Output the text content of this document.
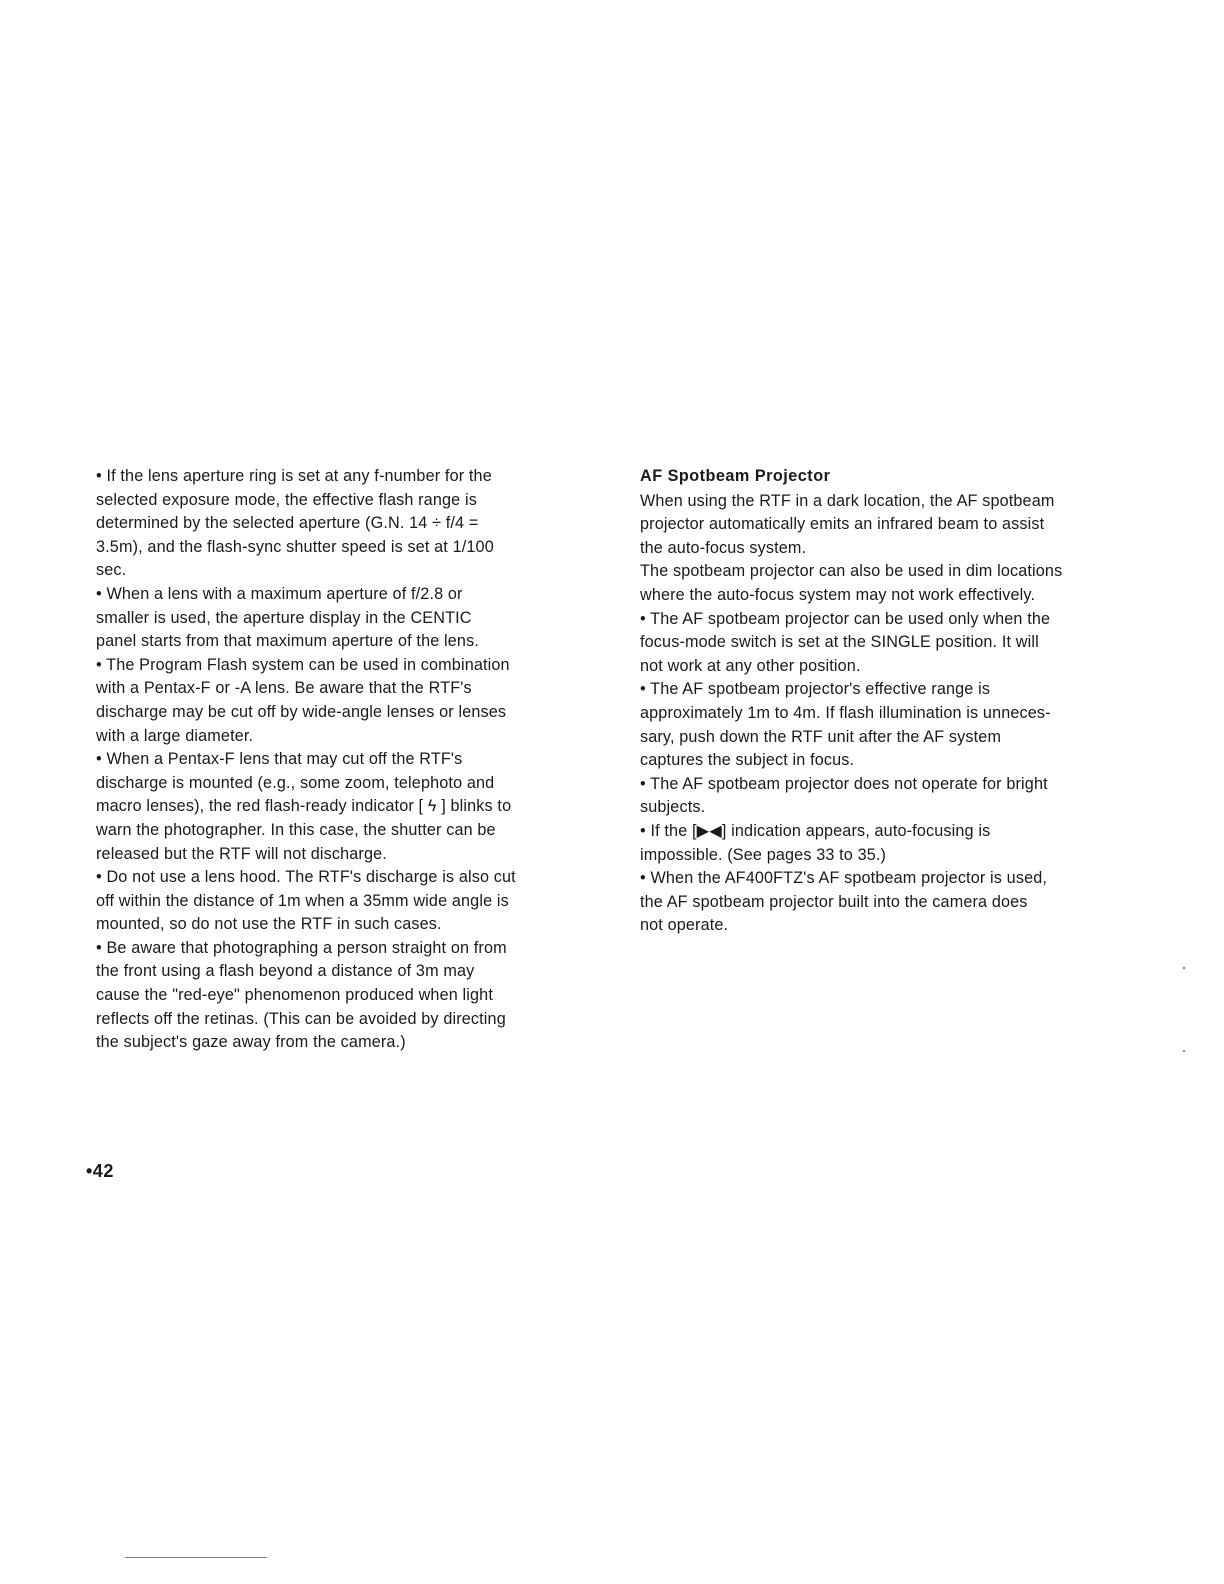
• If the lens aperture ring is set at any f-number for the
selected exposure mode, the effective flash range is
determined by the selected aperture (G.N. 14 ÷ f/4 =
3.5m), and the flash-sync shutter speed is set at 1/100
sec.
• When a lens with a maximum aperture of f/2.8 or
smaller is used, the aperture display in the CENTIC
panel starts from that maximum aperture of the lens.
• The Program Flash system can be used in combination
with a Pentax-F or -A lens. Be aware that the RTF's
discharge may be cut off by wide-angle lenses or lenses
with a large diameter.
• When a Pentax-F lens that may cut off the RTF's
discharge is mounted (e.g., some zoom, telephoto and
macro lenses), the red flash-ready indicator [ ϟ ] blinks to
warn the photographer. In this case, the shutter can be
released but the RTF will not discharge.
• Do not use a lens hood. The RTF's discharge is also cut
off within the distance of 1m when a 35mm wide angle is
mounted, so do not use the RTF in such cases.
• Be aware that photographing a person straight on from
the front using a flash beyond a distance of 3m may
cause the "red-eye" phenomenon produced when light
reflects off the retinas. (This can be avoided by directing
the subject's gaze away from the camera.)
AF Spotbeam Projector
When using the RTF in a dark location, the AF spotbeam
projector automatically emits an infrared beam to assist
the auto-focus system.
The spotbeam projector can also be used in dim locations
where the auto-focus system may not work effectively.
• The AF spotbeam projector can be used only when the
focus-mode switch is set at the SINGLE position. It will
not work at any other position.
• The AF spotbeam projector's effective range is
approximately 1m to 4m. If flash illumination is unneces-
sary, push down the RTF unit after the AF system
captures the subject in focus.
• The AF spotbeam projector does not operate for bright
subjects.
• If the [▶◀] indication appears, auto-focusing is
impossible. (See pages 33 to 35.)
• When the AF400FTZ's AF spotbeam projector is used,
the AF spotbeam projector built into the camera does
not operate.
•42
